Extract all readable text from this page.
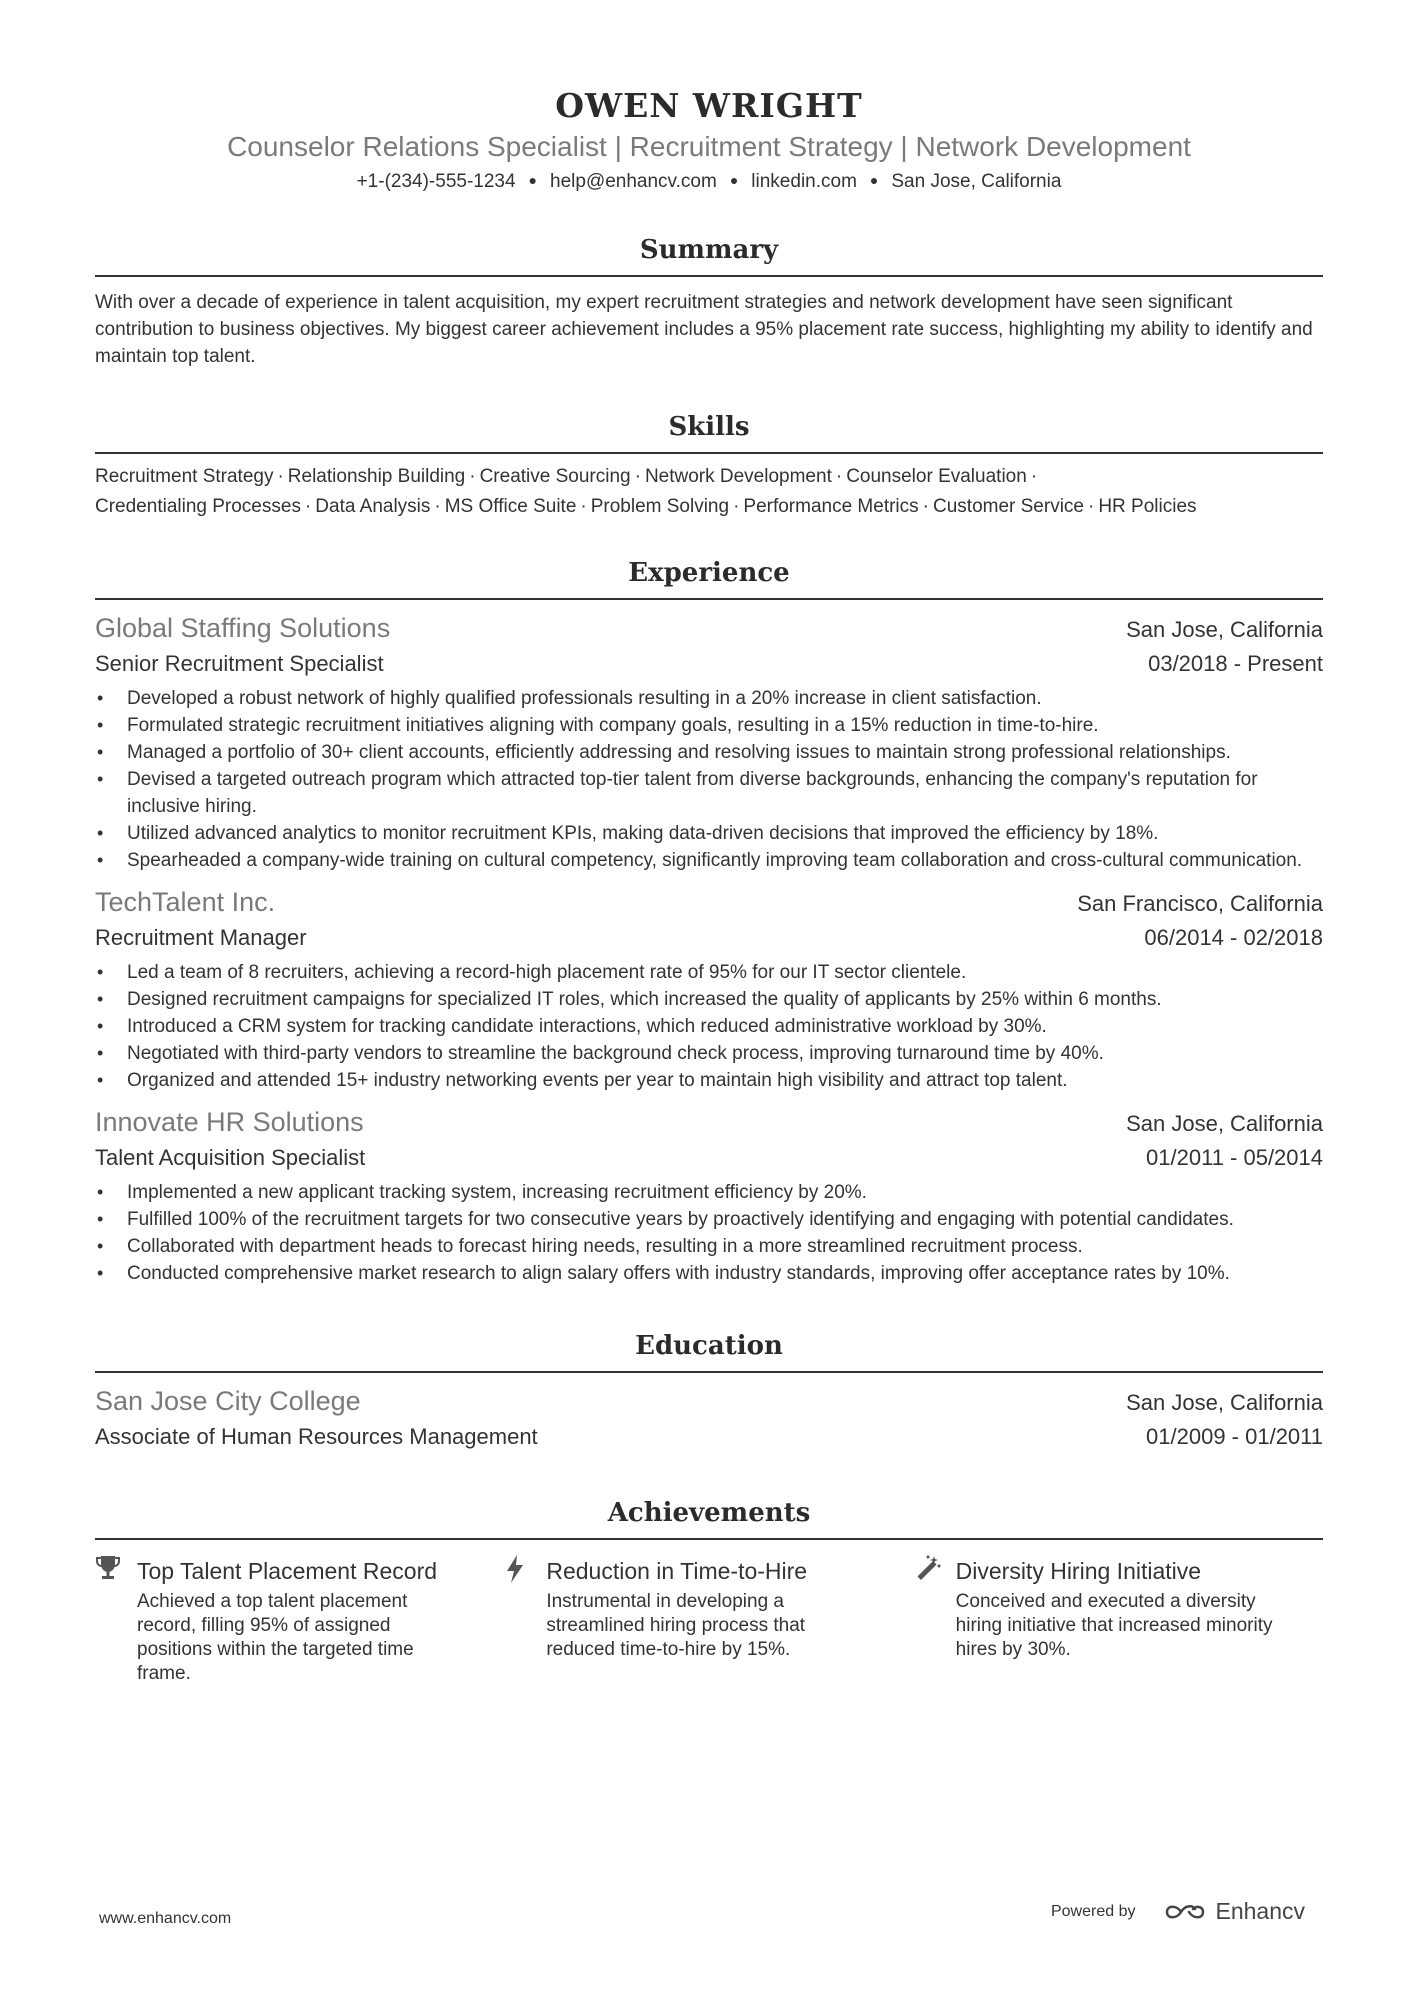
OWEN WRIGHT
Counselor Relations Specialist | Recruitment Strategy | Network Development
+1-(234)-555-1234 ● help@enhancv.com ● linkedin.com ● San Jose, California
Summary
With over a decade of experience in talent acquisition, my expert recruitment strategies and network development have seen significant contribution to business objectives. My biggest career achievement includes a 95% placement rate success, highlighting my ability to identify and maintain top talent.
Skills
Recruitment Strategy · Relationship Building · Creative Sourcing · Network Development · Counselor Evaluation ·
Credentialing Processes · Data Analysis · MS Office Suite · Problem Solving · Performance Metrics · Customer Service · HR Policies
Experience
Global Staffing Solutions	San Jose, California
Senior Recruitment Specialist	03/2018 - Present
• Developed a robust network of highly qualified professionals resulting in a 20% increase in client satisfaction.
• Formulated strategic recruitment initiatives aligning with company goals, resulting in a 15% reduction in time-to-hire.
• Managed a portfolio of 30+ client accounts, efficiently addressing and resolving issues to maintain strong professional relationships.
• Devised a targeted outreach program which attracted top-tier talent from diverse backgrounds, enhancing the company's reputation for inclusive hiring.
• Utilized advanced analytics to monitor recruitment KPIs, making data-driven decisions that improved the efficiency by 18%.
• Spearheaded a company-wide training on cultural competency, significantly improving team collaboration and cross-cultural communication.
TechTalent Inc.	San Francisco, California
Recruitment Manager	06/2014 - 02/2018
• Led a team of 8 recruiters, achieving a record-high placement rate of 95% for our IT sector clientele.
• Designed recruitment campaigns for specialized IT roles, which increased the quality of applicants by 25% within 6 months.
• Introduced a CRM system for tracking candidate interactions, which reduced administrative workload by 30%.
• Negotiated with third-party vendors to streamline the background check process, improving turnaround time by 40%.
• Organized and attended 15+ industry networking events per year to maintain high visibility and attract top talent.
Innovate HR Solutions	San Jose, California
Talent Acquisition Specialist	01/2011 - 05/2014
• Implemented a new applicant tracking system, increasing recruitment efficiency by 20%.
• Fulfilled 100% of the recruitment targets for two consecutive years by proactively identifying and engaging with potential candidates.
• Collaborated with department heads to forecast hiring needs, resulting in a more streamlined recruitment process.
• Conducted comprehensive market research to align salary offers with industry standards, improving offer acceptance rates by 10%.
Education
San Jose City College	San Jose, California
Associate of Human Resources Management	01/2009 - 01/2011
Achievements
Top Talent Placement Record
Achieved a top talent placement record, filling 95% of assigned positions within the targeted time frame.
Reduction in Time-to-Hire
Instrumental in developing a streamlined hiring process that reduced time-to-hire by 15%.
Diversity Hiring Initiative
Conceived and executed a diversity hiring initiative that increased minority hires by 30%.
www.enhancv.com	Powered by	Enhancv
